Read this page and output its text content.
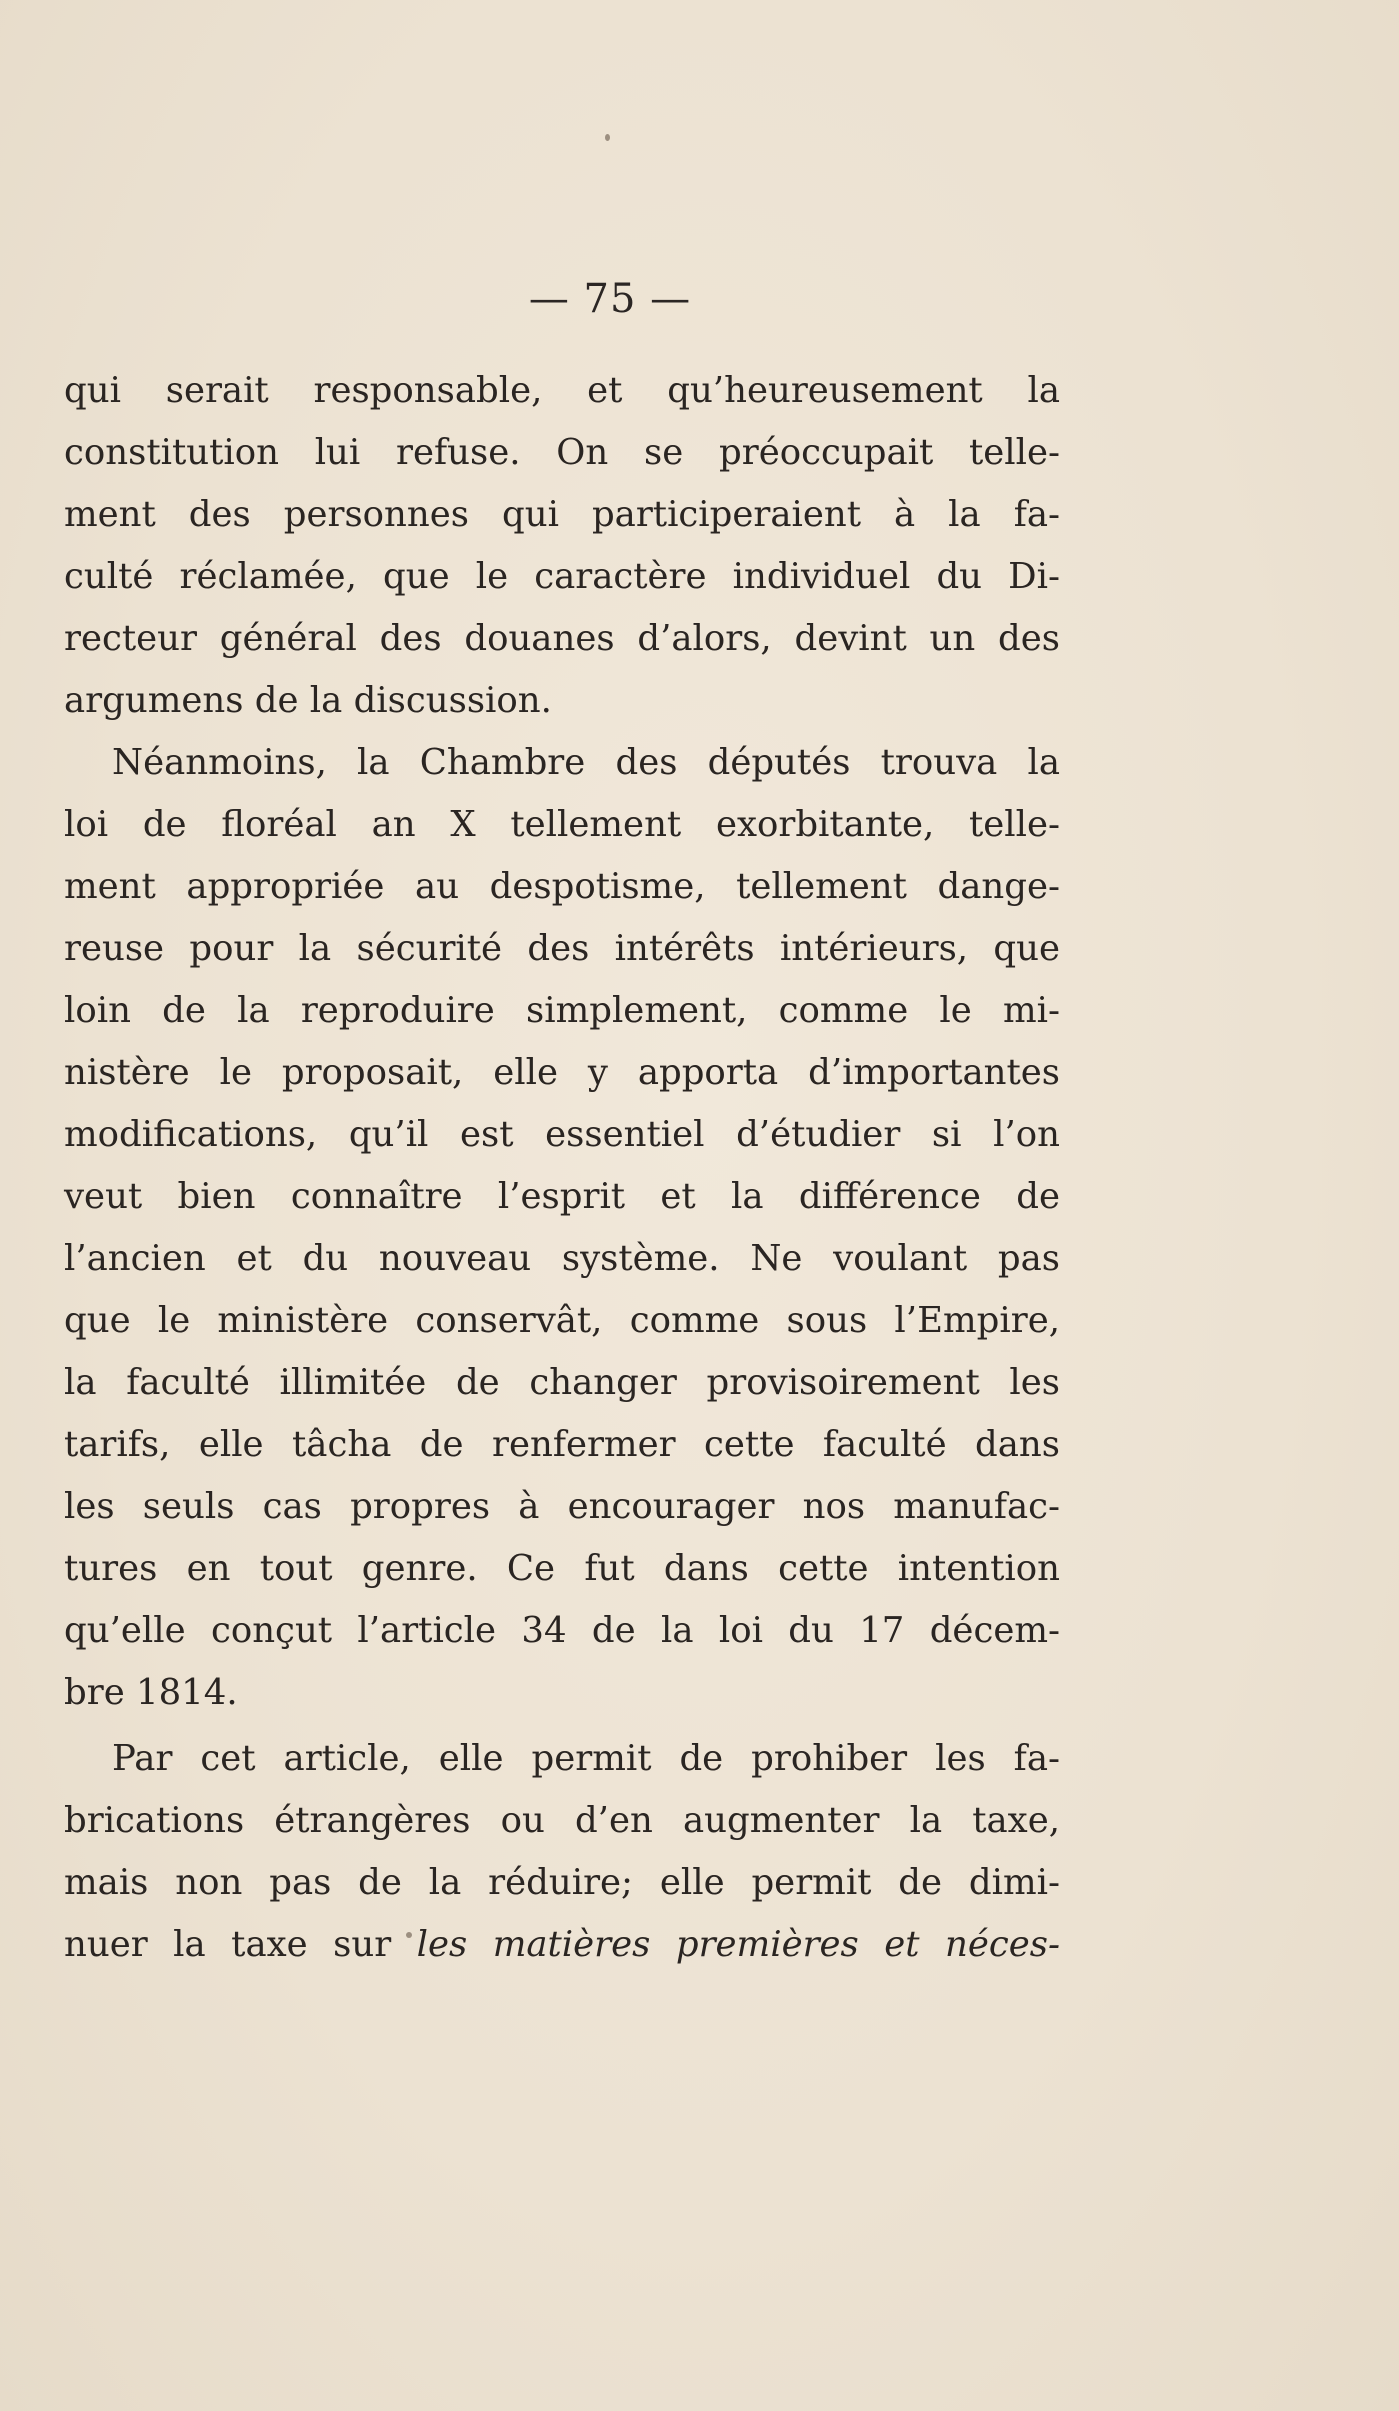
— 75 —
qui serait responsable, et qu’heureusement la
constitution lui refuse. On se préoccupait telle-
ment des personnes qui participeraient à la fa-
culté réclamée, que le caractère individuel du Di-
recteur général des douanes d’alors, devint un des
argumens de la discussion.
Néanmoins, la Chambre des députés trouva la
loi de floréal an X tellement exorbitante, telle-
ment appropriée au despotisme, tellement dange-
reuse pour la sécurité des intérêts intérieurs, que
loin de la reproduire simplement, comme le mi-
nistère le proposait, elle y apporta d’importantes
modifications, qu’il est essentiel d’étudier si l’on
veut bien connaître l’esprit et la différence de
l’ancien et du nouveau système. Ne voulant pas
que le ministère conservât, comme sous l’Empire,
la faculté illimitée de changer provisoirement les
tarifs, elle tâcha de renfermer cette faculté dans
les seuls cas propres à encourager nos manufac-
tures en tout genre. Ce fut dans cette intention
qu’elle conçut l’article 34 de la loi du 17 décem-
bre 1814.
Par cet article, elle permit de prohiber les fa-
brications étrangères ou d’en augmenter la taxe,
mais non pas de la réduire; elle permit de dimi-
nuer la taxe sur les matières premières et néces-
